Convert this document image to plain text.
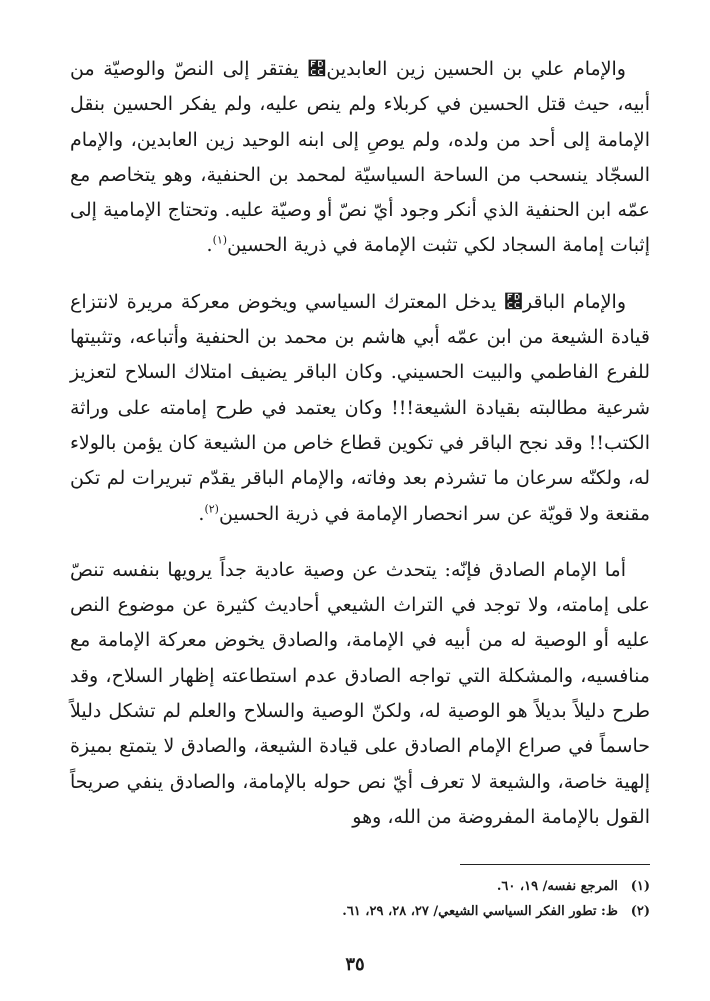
والإمام علي بن الحسين زين العابدين﷌ يفتقر إلى النصّ والوصيّة من أبيه، حيث قتل الحسين في كربلاء ولم ينص عليه، ولم يفكر الحسين بنقل الإمامة إلى أحد من ولده، ولم يوصِ إلى ابنه الوحيد زين العابدين، والإمام السجّاد ينسحب من الساحة السياسيّة لمحمد بن الحنفية، وهو يتخاصم مع عمّه ابن الحنفية الذي أنكر وجود أيّ نصّ أو وصيّة عليه. وتحتاج الإمامية إلى إثبات إمامة السجاد لكي تثبت الإمامة في ذرية الحسين$^{(١)}$.

والإمام الباقر﷌ يدخل المعترك السياسي ويخوض معركة مريرة لانتزاع قيادة الشيعة من ابن عمّه أبي هاشم بن محمد بن الحنفية وأتباعه، وتثبيتها للفرع الفاطمي والبيت الحسيني. وكان الباقر يضيف امتلاك السلاح لتعزيز شرعية مطالبته بقيادة الشيعة!!! وكان يعتمد في طرح إمامته على وراثة الكتب!! وقد نجح الباقر في تكوين قطاع خاص من الشيعة كان يؤمن بالولاء له، ولكنّه سرعان ما تشرذم بعد وفاته، والإمام الباقر يقدّم تبريرات لم تكن مقنعة ولا قويّة عن سر انحصار الإمامة في ذرية الحسين$^{(٢)}$.

أما الإمام الصادق فإنّه: يتحدث عن وصية عادية جداً يرويها بنفسه تنصّ على إمامته، ولا توجد في التراث الشيعي أحاديث كثيرة عن موضوع النص عليه أو الوصية له من أبيه في الإمامة، والصادق يخوض معركة الإمامة مع منافسيه، والمشكلة التي تواجه الصادق عدم استطاعته إظهار السلاح، وقد طرح دليلاً بديلاً هو الوصية له، ولكنّ الوصية والسلاح والعلم لم تشكل دليلاً حاسماً في صراع الإمام الصادق على قيادة الشيعة، والصادق لا يتمتع بميزة إلهية خاصة، والشيعة لا تعرف أيّ نص حوله بالإمامة، والصادق ينفي صريحاً القول بالإمامة المفروضة من الله، وهو

(١) المرجع نفسه/ ١٩، ٦٠.
(٢) ظ: تطور الفكر السياسي الشيعي/ ٢٧، ٢٨، ٢٩، ٦١.
٣٥
